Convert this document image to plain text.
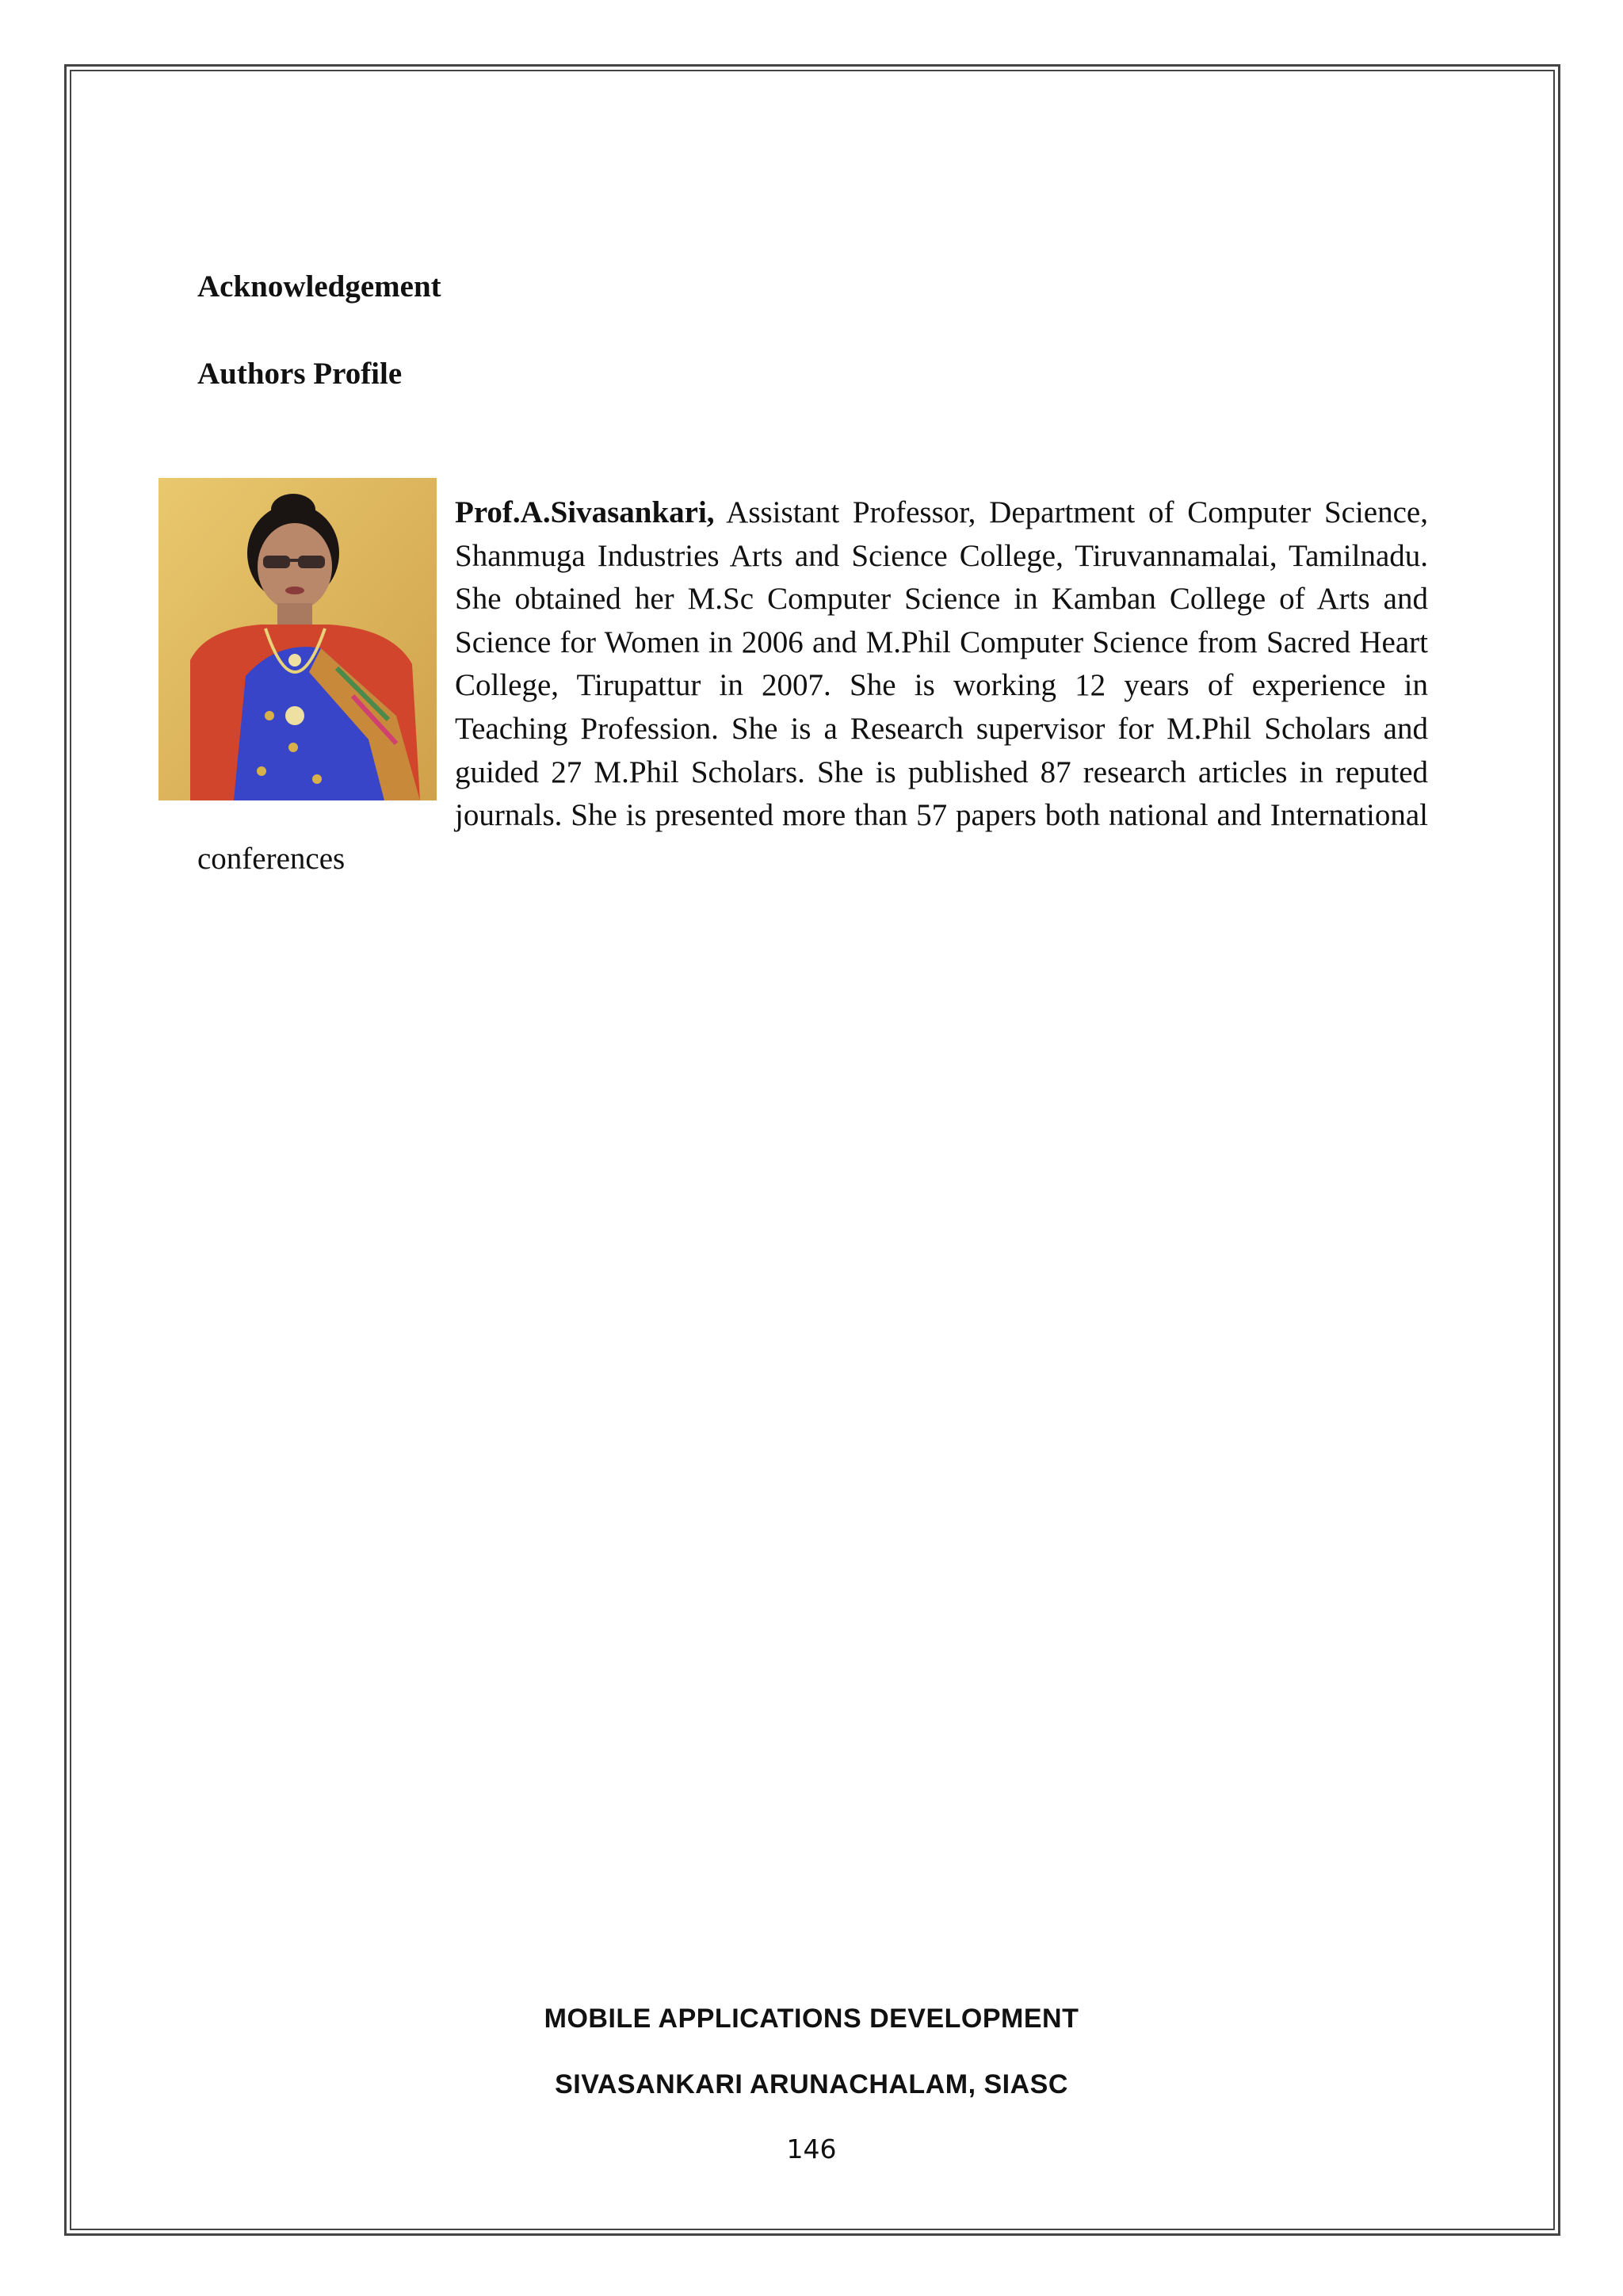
Acknowledgement
Authors Profile

Prof.A.Sivasankari, Assistant Professor, Department of Computer Science, Shanmuga Industries Arts and Science College, Tiruvannamalai, Tamilnadu. She obtained her M.Sc Computer Science in Kamban College of Arts and Science for Women in 2006 and M.Phil Computer Science from Sacred Heart College, Tirupattur in 2007. She is working 12 years of experience in Teaching Profession. She is a Research supervisor for M.Phil Scholars and guided 27 M.Phil Scholars. She is published 87 research articles in reputed journals. She is presented more than 57 papers both national and International conferences

MOBILE APPLICATIONS DEVELOPMENT

SIVASANKARI ARUNACHALAM, SIASC

146
